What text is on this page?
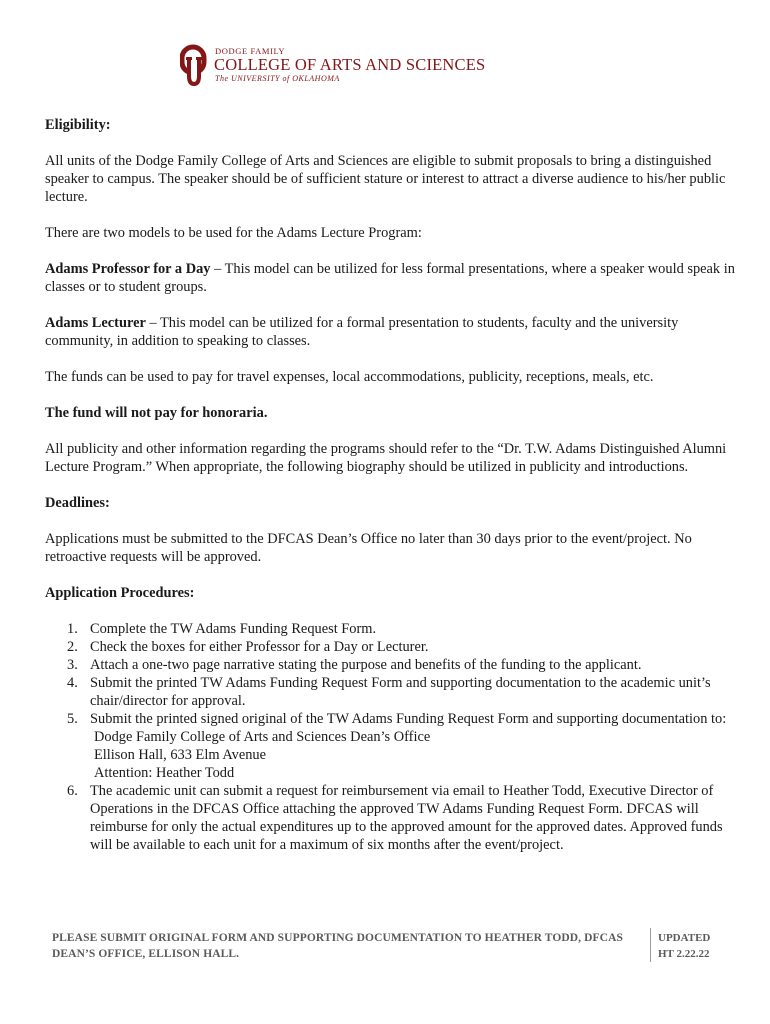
DODGE FAMILY
COLLEGE OF ARTS AND SCIENCES
The UNIVERSITY of OKLAHOMA

Eligibility:

All units of the Dodge Family College of Arts and Sciences are eligible to submit proposals to bring a distinguished speaker to campus. The speaker should be of sufficient stature or interest to attract a diverse audience to his/her public lecture.

There are two models to be used for the Adams Lecture Program:

Adams Professor for a Day – This model can be utilized for less formal presentations, where a speaker would speak in classes or to student groups.

Adams Lecturer – This model can be utilized for a formal presentation to students, faculty and the university community, in addition to speaking to classes.

The funds can be used to pay for travel expenses, local accommodations, publicity, receptions, meals, etc.

The fund will not pay for honoraria.

All publicity and other information regarding the programs should refer to the “Dr. T.W. Adams Distinguished Alumni Lecture Program.” When appropriate, the following biography should be utilized in publicity and introductions.

Deadlines:

Applications must be submitted to the DFCAS Dean’s Office no later than 30 days prior to the event/project. No retroactive requests will be approved.

Application Procedures:

1. Complete the TW Adams Funding Request Form.
2. Check the boxes for either Professor for a Day or Lecturer.
3. Attach a one-two page narrative stating the purpose and benefits of the funding to the applicant.
4. Submit the printed TW Adams Funding Request Form and supporting documentation to the academic unit’s chair/director for approval.
5. Submit the printed signed original of the TW Adams Funding Request Form and supporting documentation to:
Dodge Family College of Arts and Sciences Dean’s Office
Ellison Hall, 633 Elm Avenue
Attention: Heather Todd
6. The academic unit can submit a request for reimbursement via email to Heather Todd, Executive Director of Operations in the DFCAS Office attaching the approved TW Adams Funding Request Form. DFCAS will reimburse for only the actual expenditures up to the approved amount for the approved dates. Approved funds will be available to each unit for a maximum of six months after the event/project.
PLEASE SUBMIT ORIGINAL FORM AND SUPPORTING DOCUMENTATION TO HEATHER TODD, DFCAS DEAN’S OFFICE, ELLISON HALL.
UPDATED
HT 2.22.22
